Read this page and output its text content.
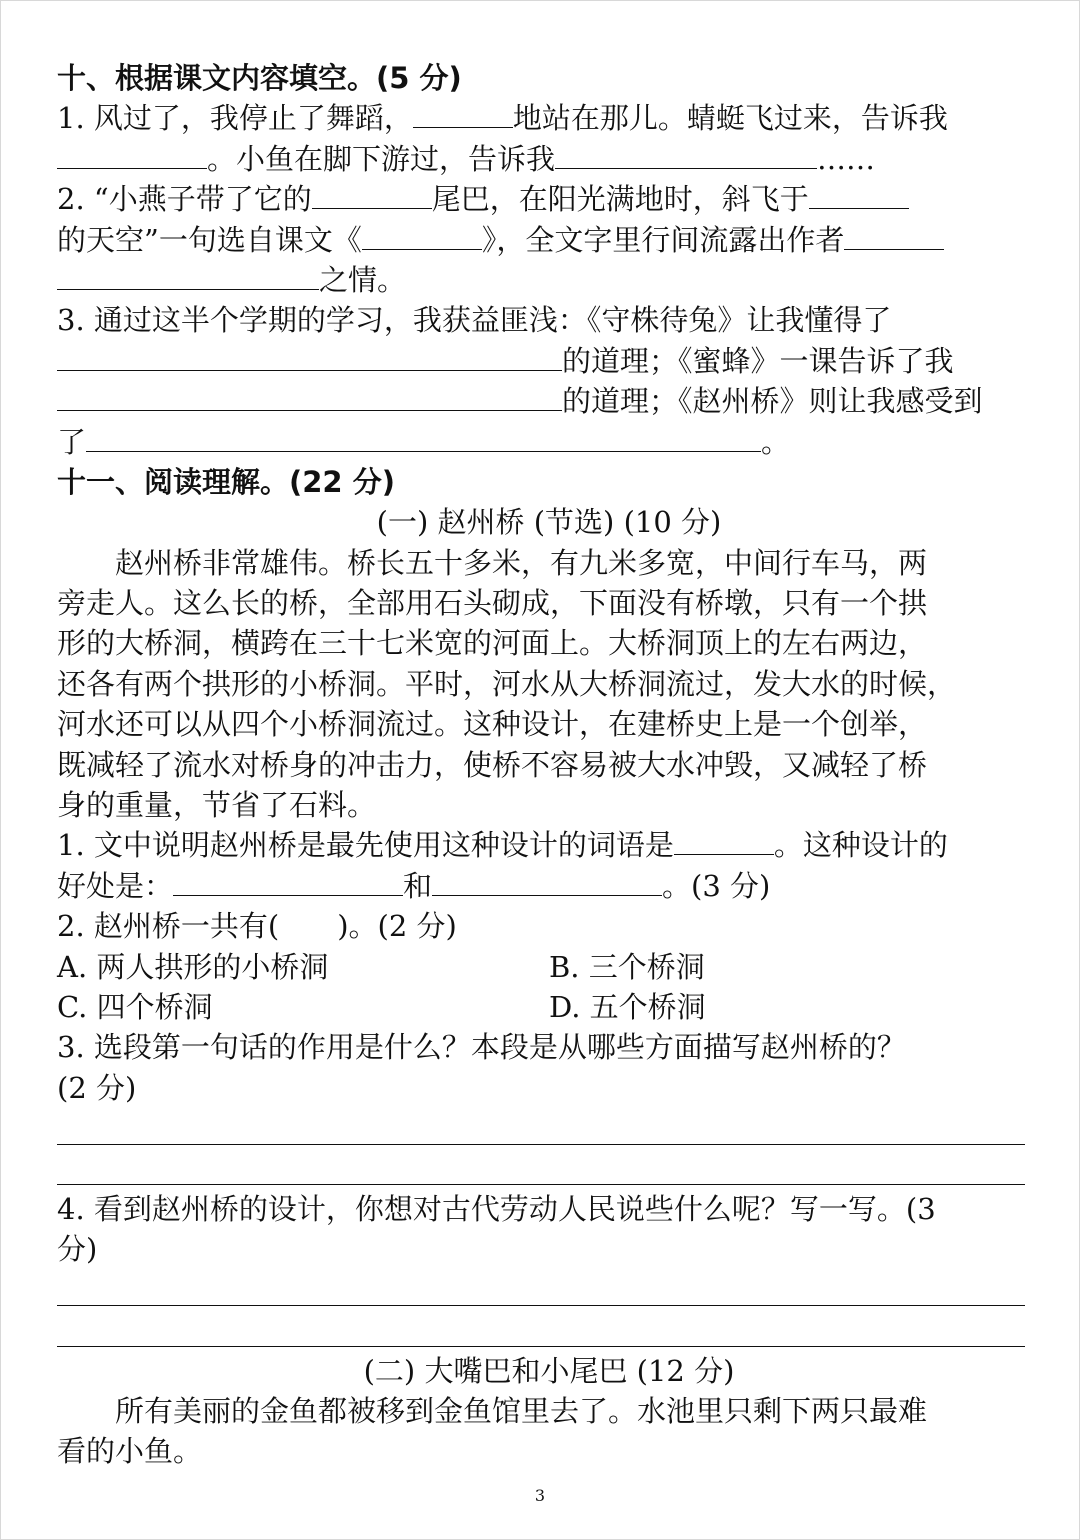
十、根据课文内容填空。(5 分)
1. 风过了，我停止了舞蹈，	地站在那儿。蜻蜓飞过来，告诉我
。小鱼在脚下游过，告诉我	……
2. “小燕子带了它的	尾巴，在阳光满地时，斜飞于
的天空”一句选自课文《	》，全文字里行间流露出作者
之情。
3. 通过这半个学期的学习，我获益匪浅：《守株待兔》让我懂得了
的道理；《蜜蜂》一课告诉了我
的道理；《赵州桥》则让我感受到
了	。
十一、阅读理解。(22 分)
(一) 赵州桥 (节选) (10 分)
赵州桥非常雄伟。桥长五十多米，有九米多宽，中间行车马，两
旁走人。这么长的桥，全部用石头砌成，下面没有桥墩，只有一个拱
形的大桥洞，横跨在三十七米宽的河面上。大桥洞顶上的左右两边，
还各有两个拱形的小桥洞。平时，河水从大桥洞流过，发大水的时候，
河水还可以从四个小桥洞流过。这种设计，在建桥史上是一个创举，
既减轻了流水对桥身的冲击力，使桥不容易被大水冲毁，又减轻了桥
身的重量，节省了石料。
1. 文中说明赵州桥是最先使用这种设计的词语是	。这种设计的
好处是：	和	。(3 分)
2. 赵州桥一共有(　　)。(2 分)
A. 两人拱形的小桥洞	B. 三个桥洞
C. 四个桥洞	D. 五个桥洞
3. 选段第一句话的作用是什么？本段是从哪些方面描写赵州桥的？
(2 分)
4. 看到赵州桥的设计，你想对古代劳动人民说些什么呢？写一写。(3
分)
(二) 大嘴巴和小尾巴 (12 分)
所有美丽的金鱼都被移到金鱼馆里去了。水池里只剩下两只最难
看的小鱼。
3
